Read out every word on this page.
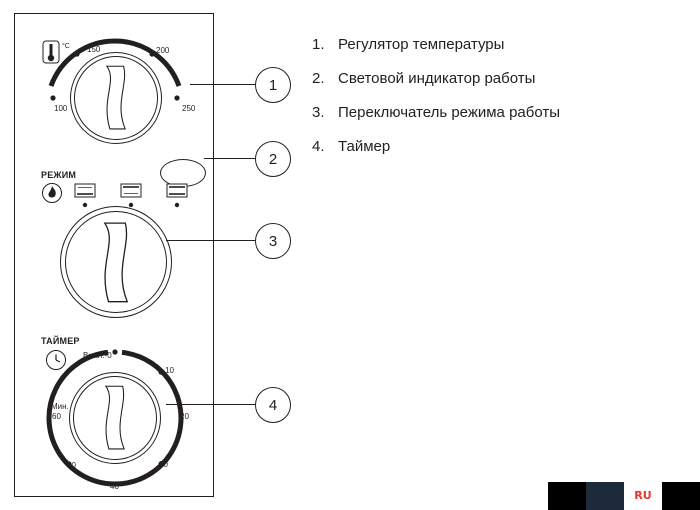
°C
100
150	200
250
РЕЖИМ
ТАЙМЕР
Выкл.-0
Мин.
60
50
40
30
20
10
1
2
3
4
1. Регулятор температуры
2. Световой индикатор работы
3. Переключатель режима работы
4. Таймер
RU
